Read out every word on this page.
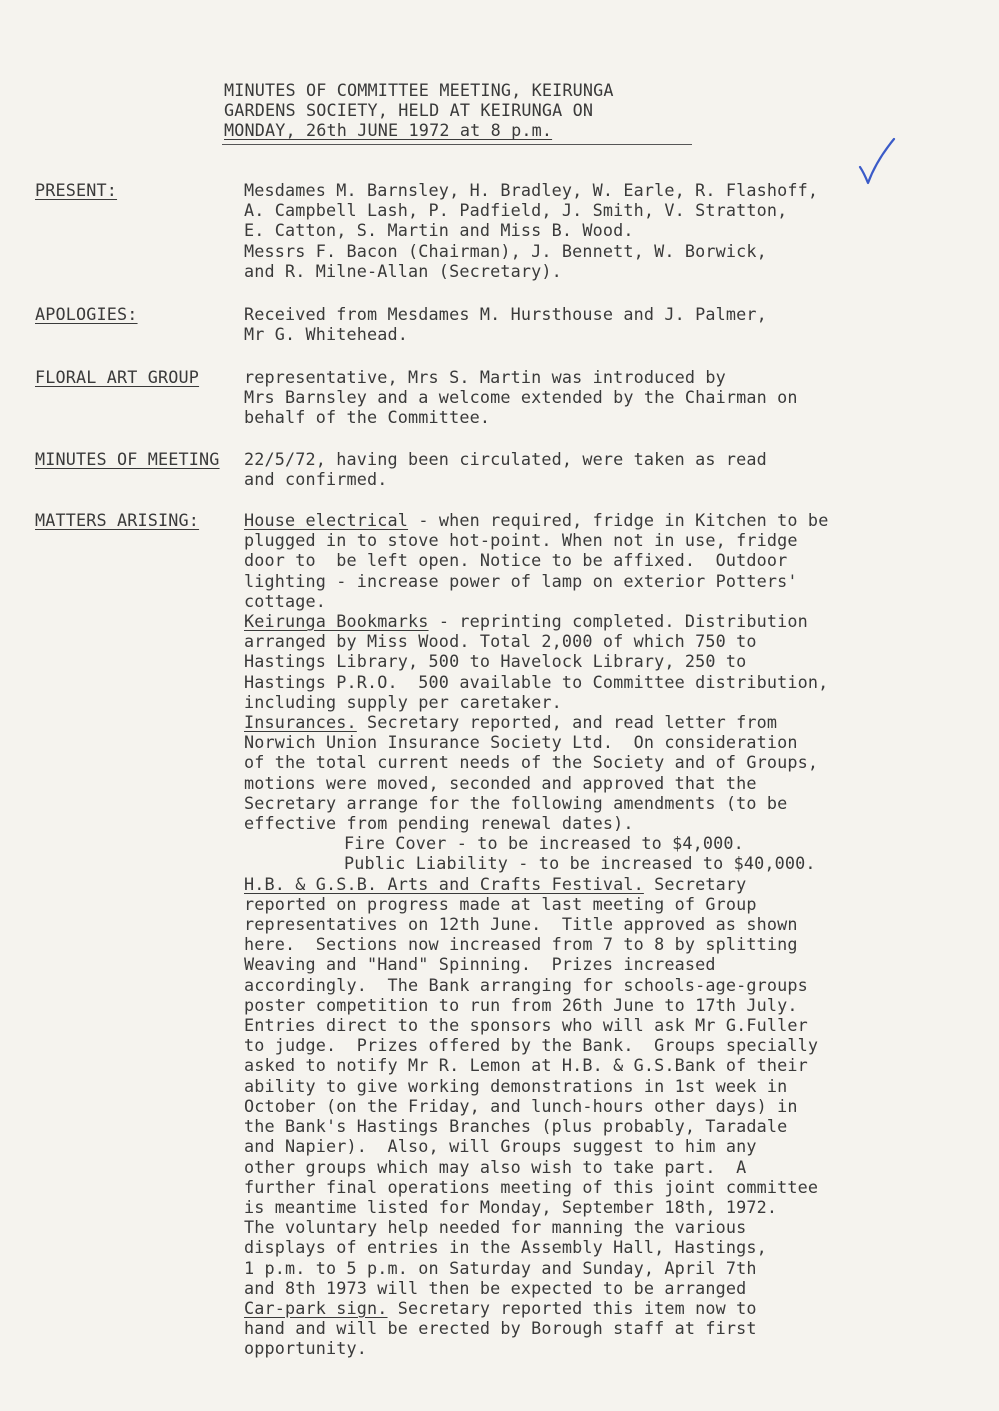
MINUTES OF COMMITTEE MEETING, KEIRUNGA
GARDENS SOCIETY, HELD AT KEIRUNGA ON
MONDAY, 26th JUNE 1972 at 8 p.m.
PRESENT:	Mesdames M. Barnsley, H. Bradley, W. Earle, R. Flashoff,
A. Campbell Lash, P. Padfield, J. Smith, V. Stratton,
E. Catton, S. Martin and Miss B. Wood.
Messrs F. Bacon (Chairman), J. Bennett, W. Borwick,
and R. Milne-Allan (Secretary).
APOLOGIES:	Received from Mesdames M. Hursthouse and J. Palmer,
Mr G. Whitehead.
FLORAL ART GROUP	representative, Mrs S. Martin was introduced by
Mrs Barnsley and a welcome extended by the Chairman on
behalf of the Committee.
MINUTES OF MEETING 22/5/72, having been circulated, were taken as read
and confirmed.
MATTERS ARISING:	House electrical - when required, fridge in Kitchen to be
plugged in to stove hot-point. When not in use, fridge
door to  be left open. Notice to be affixed.  Outdoor
lighting - increase power of lamp on exterior Potters'
cottage.
Keirunga Bookmarks - reprinting completed. Distribution
arranged by Miss Wood. Total 2,000 of which 750 to
Hastings Library, 500 to Havelock Library, 250 to
Hastings P.R.O.  500 available to Committee distribution,
including supply per caretaker.
Insurances. Secretary reported, and read letter from
Norwich Union Insurance Society Ltd.  On consideration
of the total current needs of the Society and of Groups,
motions were moved, seconded and approved that the
Secretary arrange for the following amendments (to be
effective from pending renewal dates).
Fire Cover - to be increased to $4,000.
Public Liability - to be increased to $40,000.
H.B. & G.S.B. Arts and Crafts Festival. Secretary
reported on progress made at last meeting of Group
representatives on 12th June.  Title approved as shown
here.  Sections now increased from 7 to 8 by splitting
Weaving and "Hand" Spinning.  Prizes increased
accordingly.  The Bank arranging for schools-age-groups
poster competition to run from 26th June to 17th July.
Entries direct to the sponsors who will ask Mr G.Fuller
to judge.  Prizes offered by the Bank.  Groups specially
asked to notify Mr R. Lemon at H.B. & G.S.Bank of their
ability to give working demonstrations in 1st week in
October (on the Friday, and lunch-hours other days) in
the Bank's Hastings Branches (plus probably, Taradale
and Napier).  Also, will Groups suggest to him any
other groups which may also wish to take part.  A
further final operations meeting of this joint committee
is meantime listed for Monday, September 18th, 1972.
The voluntary help needed for manning the various
displays of entries in the Assembly Hall, Hastings,
1 p.m. to 5 p.m. on Saturday and Sunday, April 7th
and 8th 1973 will then be expected to be arranged
Car-park sign. Secretary reported this item now to
hand and will be erected by Borough staff at first
opportunity.
